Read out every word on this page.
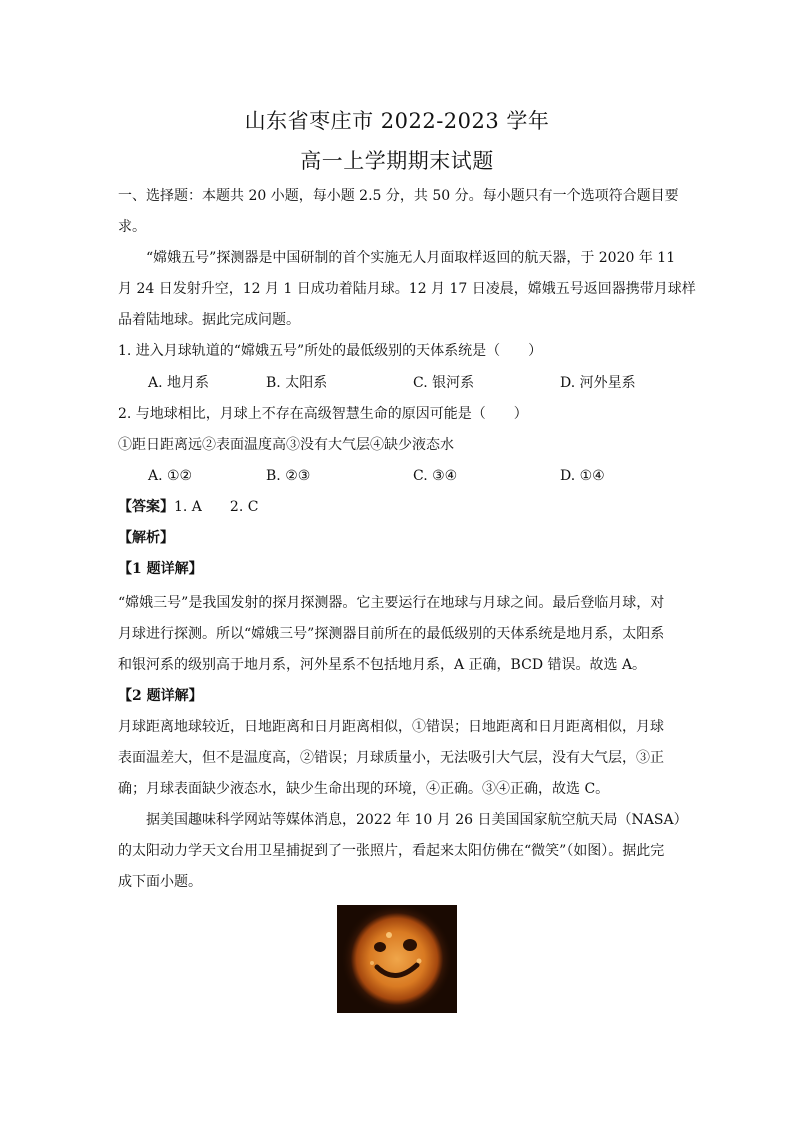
山东省枣庄市 2022-2023 学年
高一上学期期末试题
一、选择题：本题共 20 小题，每小题 2.5 分，共 50 分。每小题只有一个选项符合题目要
求。
“嫦娥五号”探测器是中国研制的首个实施无人月面取样返回的航天器，于 2020 年 11
月 24 日发射升空，12 月 1 日成功着陆月球。12 月 17 日凌晨，嫦娥五号返回器携带月球样
品着陆地球。据此完成问题。
1. 进入月球轨道的“嫦娥五号”所处的最低级别的天体系统是（　　）
A. 地月系	B. 太阳系	C. 银河系	D. 河外星系
2. 与地球相比，月球上不存在高级智慧生命的原因可能是（　　）
①距日距离远②表面温度高③没有大气层④缺少液态水
A. ①②	B. ②③	C. ③④	D. ①④
【答案】1. A　　2. C
【解析】
【1 题详解】
“嫦娥三号”是我国发射的探月探测器。它主要运行在地球与月球之间。最后登临月球，对
月球进行探测。所以“嫦娥三号”探测器目前所在的最低级别的天体系统是地月系，太阳系
和银河系的级别高于地月系，河外星系不包括地月系，A 正确，BCD 错误。故选 A。
【2 题详解】
月球距离地球较近，日地距离和日月距离相似，①错误；日地距离和日月距离相似，月球
表面温差大，但不是温度高，②错误；月球质量小，无法吸引大气层，没有大气层，③正
确；月球表面缺少液态水，缺少生命出现的环境，④正确。③④正确，故选 C。
据美国趣味科学网站等媒体消息，2022 年 10 月 26 日美国国家航空航天局（NASA）
的太阳动力学天文台用卫星捕捉到了一张照片，看起来太阳仿佛在“微笑”（如图）。据此完
成下面小题。
